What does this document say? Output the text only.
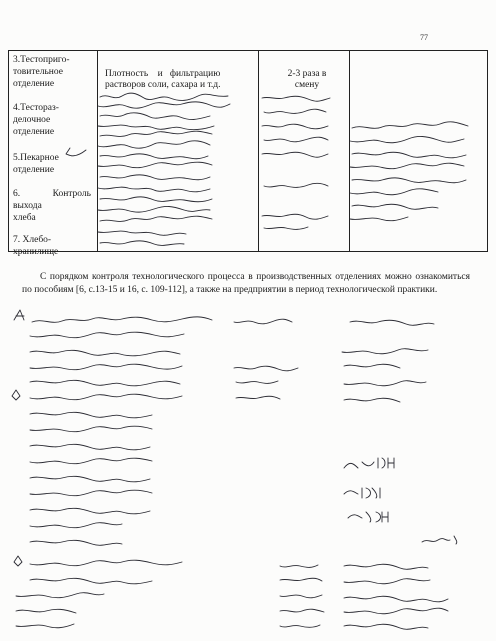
77
3.Тестоприго-
товительное
отделение
4.Тестораз-
делочное
отделение
5.Пекарное
отделение
6.	Контроль
выхода
хлеба
7. Хлебо-
хранилище
Плотность    и   фильтрацию
растворов соли, сахара и т.д.
2-3 раза в
смену
С порядком контроля технологического процесса в производственных отделениях можно ознакомиться по пособиям [6, с.13-15 и 16, с. 109-112], а также на предприятии в период технологической практики.
